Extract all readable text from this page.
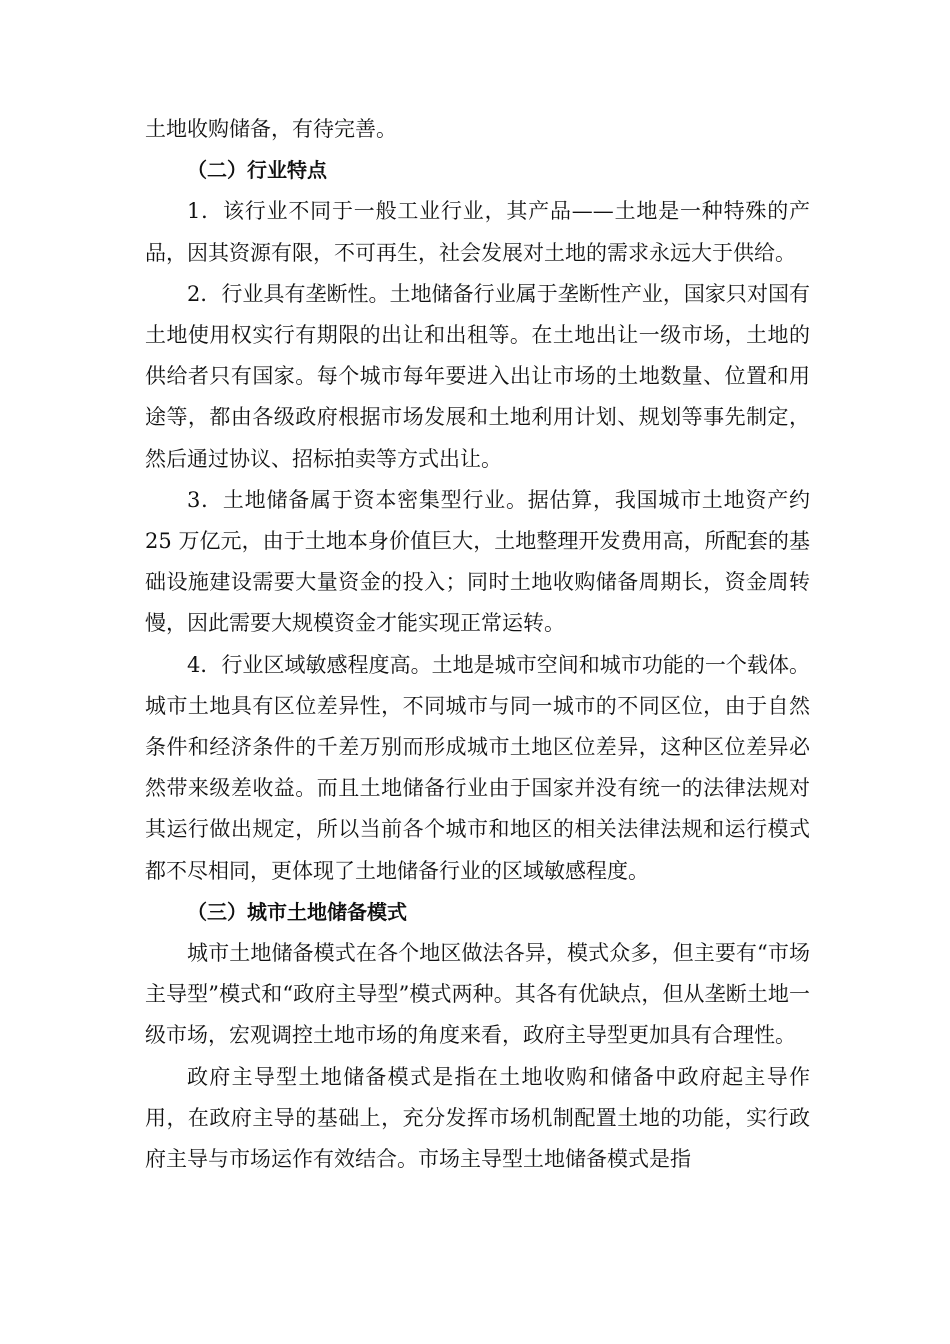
土地收购储备，有待完善。

（二）行业特点

1．该行业不同于一般工业行业，其产品——土地是一种特殊的产品，因其资源有限，不可再生，社会发展对土地的需求永远大于供给。

2．行业具有垄断性。土地储备行业属于垄断性产业，国家只对国有土地使用权实行有期限的出让和出租等。在土地出让一级市场，土地的供给者只有国家。每个城市每年要进入出让市场的土地数量、位置和用途等，都由各级政府根据市场发展和土地利用计划、规划等事先制定，然后通过协议、招标拍卖等方式出让。

3．土地储备属于资本密集型行业。据估算，我国城市土地资产约 25 万亿元，由于土地本身价值巨大，土地整理开发费用高，所配套的基础设施建设需要大量资金的投入；同时土地收购储备周期长，资金周转慢，因此需要大规模资金才能实现正常运转。

4．行业区域敏感程度高。土地是城市空间和城市功能的一个载体。城市土地具有区位差异性，不同城市与同一城市的不同区位，由于自然条件和经济条件的千差万别而形成城市土地区位差异，这种区位差异必然带来级差收益。而且土地储备行业由于国家并没有统一的法律法规对其运行做出规定，所以当前各个城市和地区的相关法律法规和运行模式都不尽相同，更体现了土地储备行业的区域敏感程度。

（三）城市土地储备模式

城市土地储备模式在各个地区做法各异，模式众多，但主要有“市场主导型”模式和“政府主导型”模式两种。其各有优缺点，但从垄断土地一级市场，宏观调控土地市场的角度来看，政府主导型更加具有合理性。

政府主导型土地储备模式是指在土地收购和储备中政府起主导作用，在政府主导的基础上，充分发挥市场机制配置土地的功能，实行政府主导与市场运作有效结合。市场主导型土地储备模式是指
